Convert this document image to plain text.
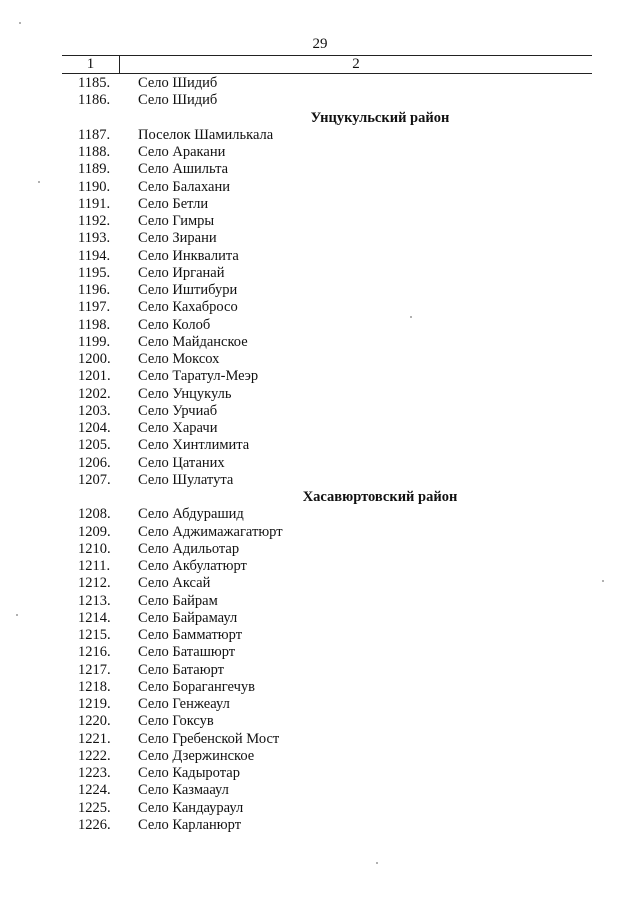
29
1	2
1185. Село Шидиб
1186. Село Шидиб
Унцукульский район
1187. Поселок Шамилькала
1188. Село Аракани
1189. Село Ашильта
1190. Село Балахани
1191. Село Бетли
1192. Село Гимры
1193. Село Зирани
1194. Село Инквалита
1195. Село Ирганай
1196. Село Иштибури
1197. Село Кахабросо
1198. Село Колоб
1199. Село Майданское
1200. Село Моксох
1201. Село Таратул-Меэр
1202. Село Унцукуль
1203. Село Урчиаб
1204. Село Харачи
1205. Село Хинтлимита
1206. Село Цатаних
1207. Село Шулатута
Хасавюртовский район
1208. Село Абдурашид
1209. Село Аджимажагатюрт
1210. Село Адильотар
1211. Село Акбулатюрт
1212. Село Аксай
1213. Село Байрам
1214. Село Байрамаул
1215. Село Бамматюрт
1216. Село Баташюрт
1217. Село Батаюрт
1218. Село Борагангечув
1219. Село Генжеаул
1220. Село Гоксув
1221. Село Гребенской Мост
1222. Село Дзержинское
1223. Село Кадыротар
1224. Село Казмааул
1225. Село Кандаураул
1226. Село Карланюрт
